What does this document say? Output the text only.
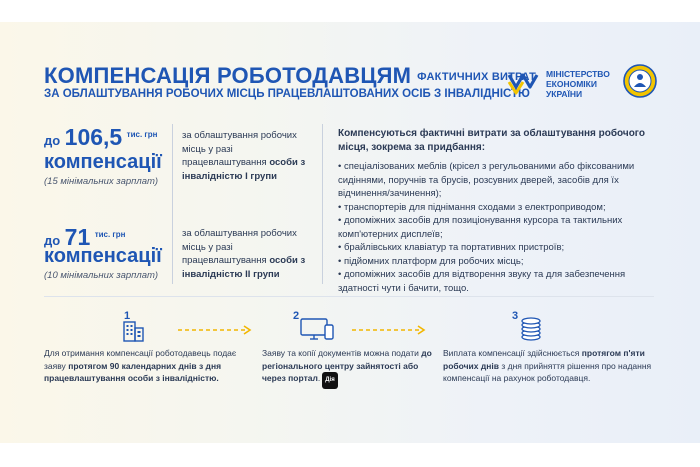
КОМПЕНСАЦІЯ РОБОТОДАВЦЯМ ФАКТИЧНИХ ВИТРАТ
ЗА ОБЛАШТУВАННЯ РОБОЧИХ МІСЦЬ ПРАЦЕВЛАШТОВАНИХ ОСІБ З ІНВАЛІДНІСТЮ
МІНІСТЕРСТВО
ЕКОНОМІКИ
УКРАЇНИ
до 106,5 $^{тис. грн}$
компенсації
(15 мінімальних зарплат)
до 71 $^{тис. грн}$
компенсації
(10 мінімальних зарплат)
за облаштування робочих місць у разі працевлаштування особи з інвалідністю І групи
за облаштування робочих місць у разі працевлаштування особи з інвалідністю ІІ групи
Компенсуються фактичні витрати за облаштування робочого місця, зокрема за придбання:
• спеціалізованих меблів (крісел з регульованими або фіксованими сидіннями, поручнів та брусів, розсувних дверей, засобів для їх відчинення/зачинення);
• транспортерів для піднімання сходами з електроприводом;
• допоміжних засобів для позиціонування курсора та тактильних комп'ютерних дисплеїв;
• брайлівських клавіатур та портативних пристроїв;
• підйомних платформ для робочих місць;
• допоміжних засобів для відтворення звуку та для забезпечення здатності чути і бачити, тощо.
1	2	3
Для отримання компенсації роботодавець подає заяву протягом 90 календарних днів з дня працевлаштування особи з інвалідністю.
Заяву та копії документів можна подати до регіонального центру зайнятості або через портал. Дія
Виплата компенсації здійснюється протягом п'яти робочих днів з дня прийняття рішення про надання компенсації на рахунок роботодавця.
